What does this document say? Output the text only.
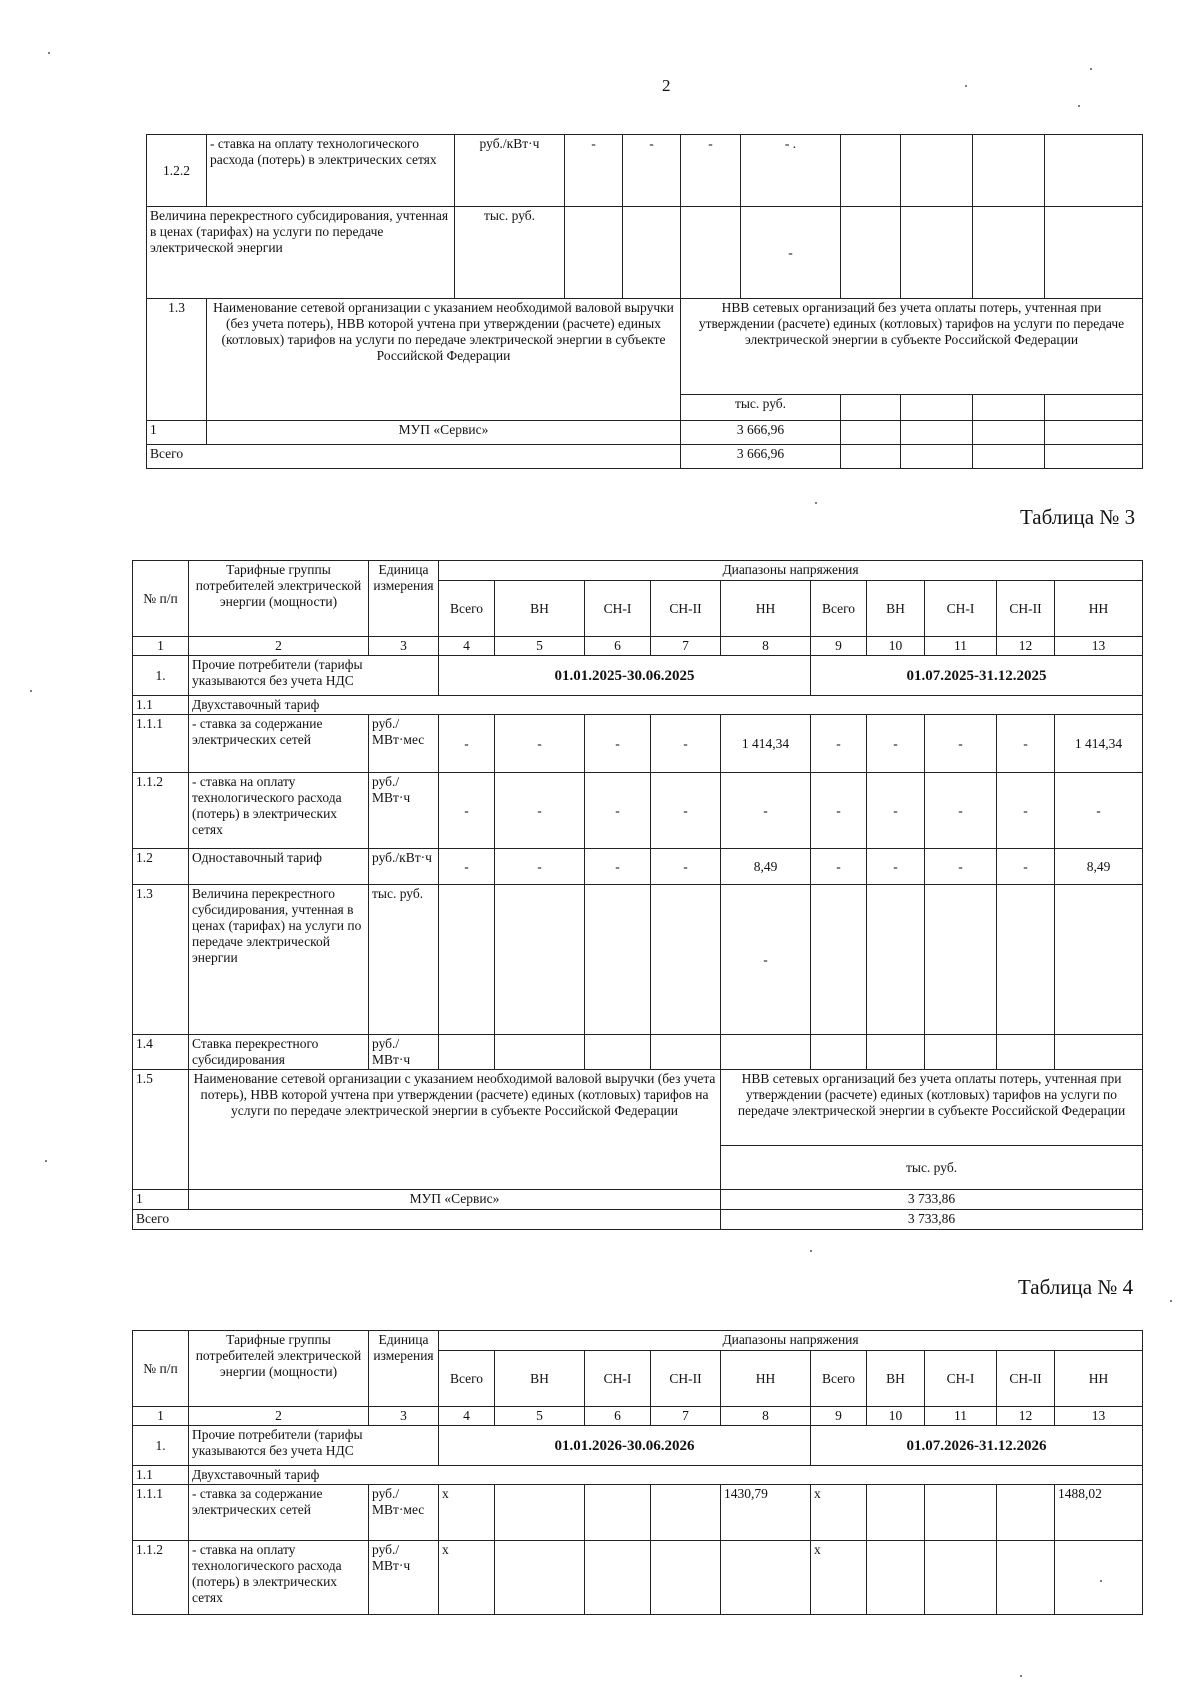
2
1.2.2	- ставка на оплату технологического расхода (потерь) в электрических сетях	руб./кВт·ч	-	-	-	- .				
Величина перекрестного субсидирования, учтенная в ценах (тарифах) на услуги по передаче электрической энергии		тыс. руб.				-				
1.3	Наименование сетевой организации с указанием необходимой валовой выручки (без учета потерь), НВВ которой учтена при утверждении (расчете) единых (котловых) тарифов на услуги по передаче электрической энергии в субъекте Российской Федерации				НВВ сетевых организаций без учета оплаты потерь, учтенная при утверждении (расчете) единых (котловых) тарифов на услуги по передаче электрической энергии в субъекте Российской Федерации					
					тыс. руб.					
1	МУП «Сервис»				3 666,96					
Всего					3 666,96					
Таблица № 3
№ п/п	Тарифные группы потребителей электрической энергии (мощности)	Единица измерения	Диапазоны напряжения									
			Всего	ВН	СН-I	СН-II	НН	Всего	ВН	СН-I	СН-II	НН
1	2	3	4	5	6	7	8	9	10	11	12	13
1.	Прочие потребители (тарифы указываются без учета НДС		01.01.2025-30.06.2025					01.07.2025-31.12.2025				
1.1	Двухставочный тариф											
1.1.1	- ставка за содержание электрических сетей	руб./МВт·мес	-	-	-	-	1 414,34	-	-	-	-	1 414,34
1.1.2	- ставка на оплату технологического расхода (потерь) в электрических сетях	руб./МВт·ч	-	-	-	-	-	-	-	-	-	-
1.2	Одноставочный тариф	руб./кВт·ч	-	-	-	-	8,49	-	-	-	-	8,49
1.3	Величина перекрестного субсидирования, учтенная в ценах (тарифах) на услуги по передаче электрической энергии	тыс. руб.					-					
1.4	Ставка перекрестного субсидирования	руб./МВт·ч										
1.5	Наименование сетевой организации с указанием необходимой валовой выручки (без учета потерь), НВВ которой учтена при утверждении (расчете) единых (котловых) тарифов на услуги по передаче электрической энергии в субъекте Российской Федерации						НВВ сетевых организаций без учета оплаты потерь, учтенная при утверждении (расчете) единых (котловых) тарифов на услуги по передаче электрической энергии в субъекте Российской Федерации					
							тыс. руб.					
1	МУП «Сервис»						3 733,86					
Всего							3 733,86					
Таблица № 4
№ п/п	Тарифные группы потребителей электрической энергии (мощности)	Единица измерения	Диапазоны напряжения									
			Всего	ВН	СН-I	СН-II	НН	Всего	ВН	СН-I	СН-II	НН
1	2	3	4	5	6	7	8	9	10	11	12	13
1.	Прочие потребители (тарифы указываются без учета НДС		01.01.2026-30.06.2026					01.07.2026-31.12.2026				
1.1	Двухставочный тариф											
1.1.1	- ставка за содержание электрических сетей	руб./МВт·мес	x				1430,79	x				1488,02
1.1.2	- ставка на оплату технологического расхода (потерь) в электрических сетях	руб./МВт·ч	x					x				
